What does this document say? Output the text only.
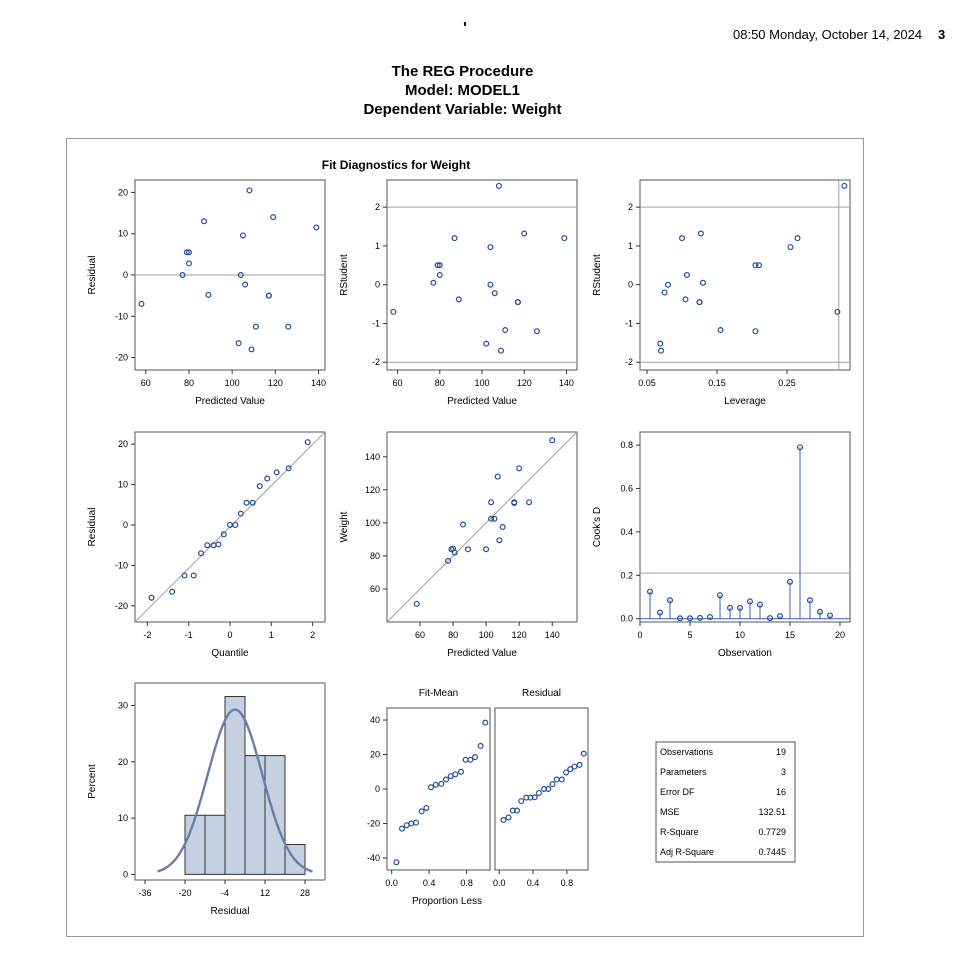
'	08:50 Monday, October 14, 2024 3
The REG Procedure
Model: MODEL1
Dependent Variable: Weight
Fit Diagnostics for Weight
60	80	100	120	140
-20
-10
0
10
20
Predicted Value
Residual
60	80	100	120	140
-2
-1
0
1
2
Predicted Value
RStudent
0.05	0.15	0.25
-2
-1
0
1
2
Leverage
RStudent
-2	-1	0	1	2
-20
-10
0
10
20
Quantile
Residual
60	80 100 120 140
60
80
100
120
140
Predicted Value
Weight
0	5	10	15	20
0.0
0.2
0.4
0.6
0.8
Observation
Cook's D
-36	-20	-4	12	28
0
10
20
30
Residual
Percent
0.0	0.4	0.8
-40
-20
0
20
40
Fit-Mean
0.0 0.4 0.8
Proportion Less
Residual
Observations	19
Parameters	3
Error DF	16
MSE	132.51
R-Square	0.7729
Adj R-Square	0.7445
